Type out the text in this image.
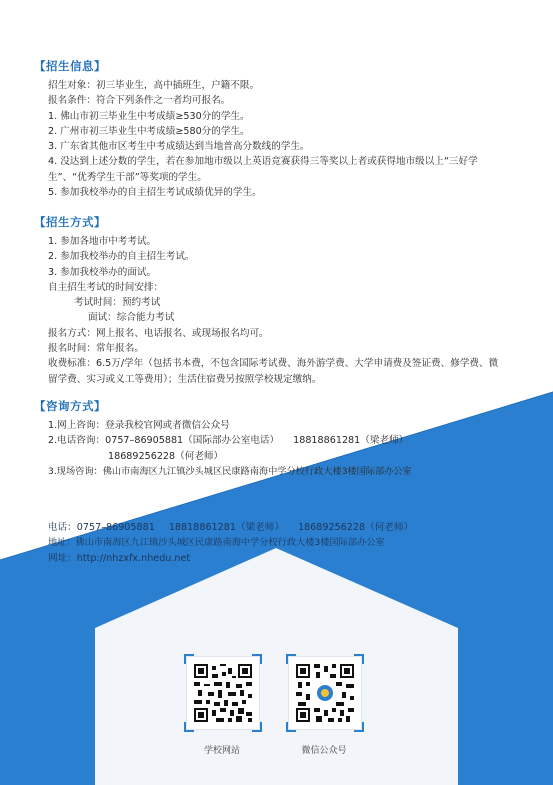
【招生信息】
招生对象：初三毕业生，高中插班生，户籍不限。
报名条件：符合下列条件之一者均可报名。
1. 佛山市初三毕业生中考成绩≥530分的学生。
2. 广州市初三毕业生中考成绩≥580分的学生。
3. 广东省其他市区考生中考成绩达到当地普高分数线的学生。
4. 没达到上述分数的学生，若在参加地市级以上英语竞赛获得三等奖以上者或获得地市级以上“三好学生”、“优秀学生干部”等奖项的学生。
5. 参加我校举办的自主招生考试成绩优异的学生。
【招生方式】
1. 参加各地市中考考试。
2. 参加我校举办的自主招生考试。
3. 参加我校举办的面试。
自主招生考试的时间安排：
考试时间：预约考试
面试：综合能力考试
报名方式：网上报名、电话报名、或现场报名均可。
报名时间：常年报名。
收费标准：6.5万/学年（包括书本费，不包含国际考试费、海外游学费、大学申请费及签证费、修学费、微留学费、实习或义工等费用）；生活住宿费另按照学校规定缴纳。
【咨询方式】
1.网上咨询：登录我校官网或者微信公众号
2.电话咨询：0757–86905881（国际部办公室电话） 18818861281（梁老师）
18689256228（何老师）
3.现场咨询：佛山市南海区九江镇沙头城区民康路南海中学分校行政大楼3楼国际部办公室
【联系我们】
电话：0757–86905881 18818861281（梁老师） 18689256228（何老师）
地址：佛山市南海区九江镇沙头城区民康路南海中学分校行政大楼3楼国际部办公室
网址：http://nhzxfx.nhedu.net
学校网站	微信公众号
